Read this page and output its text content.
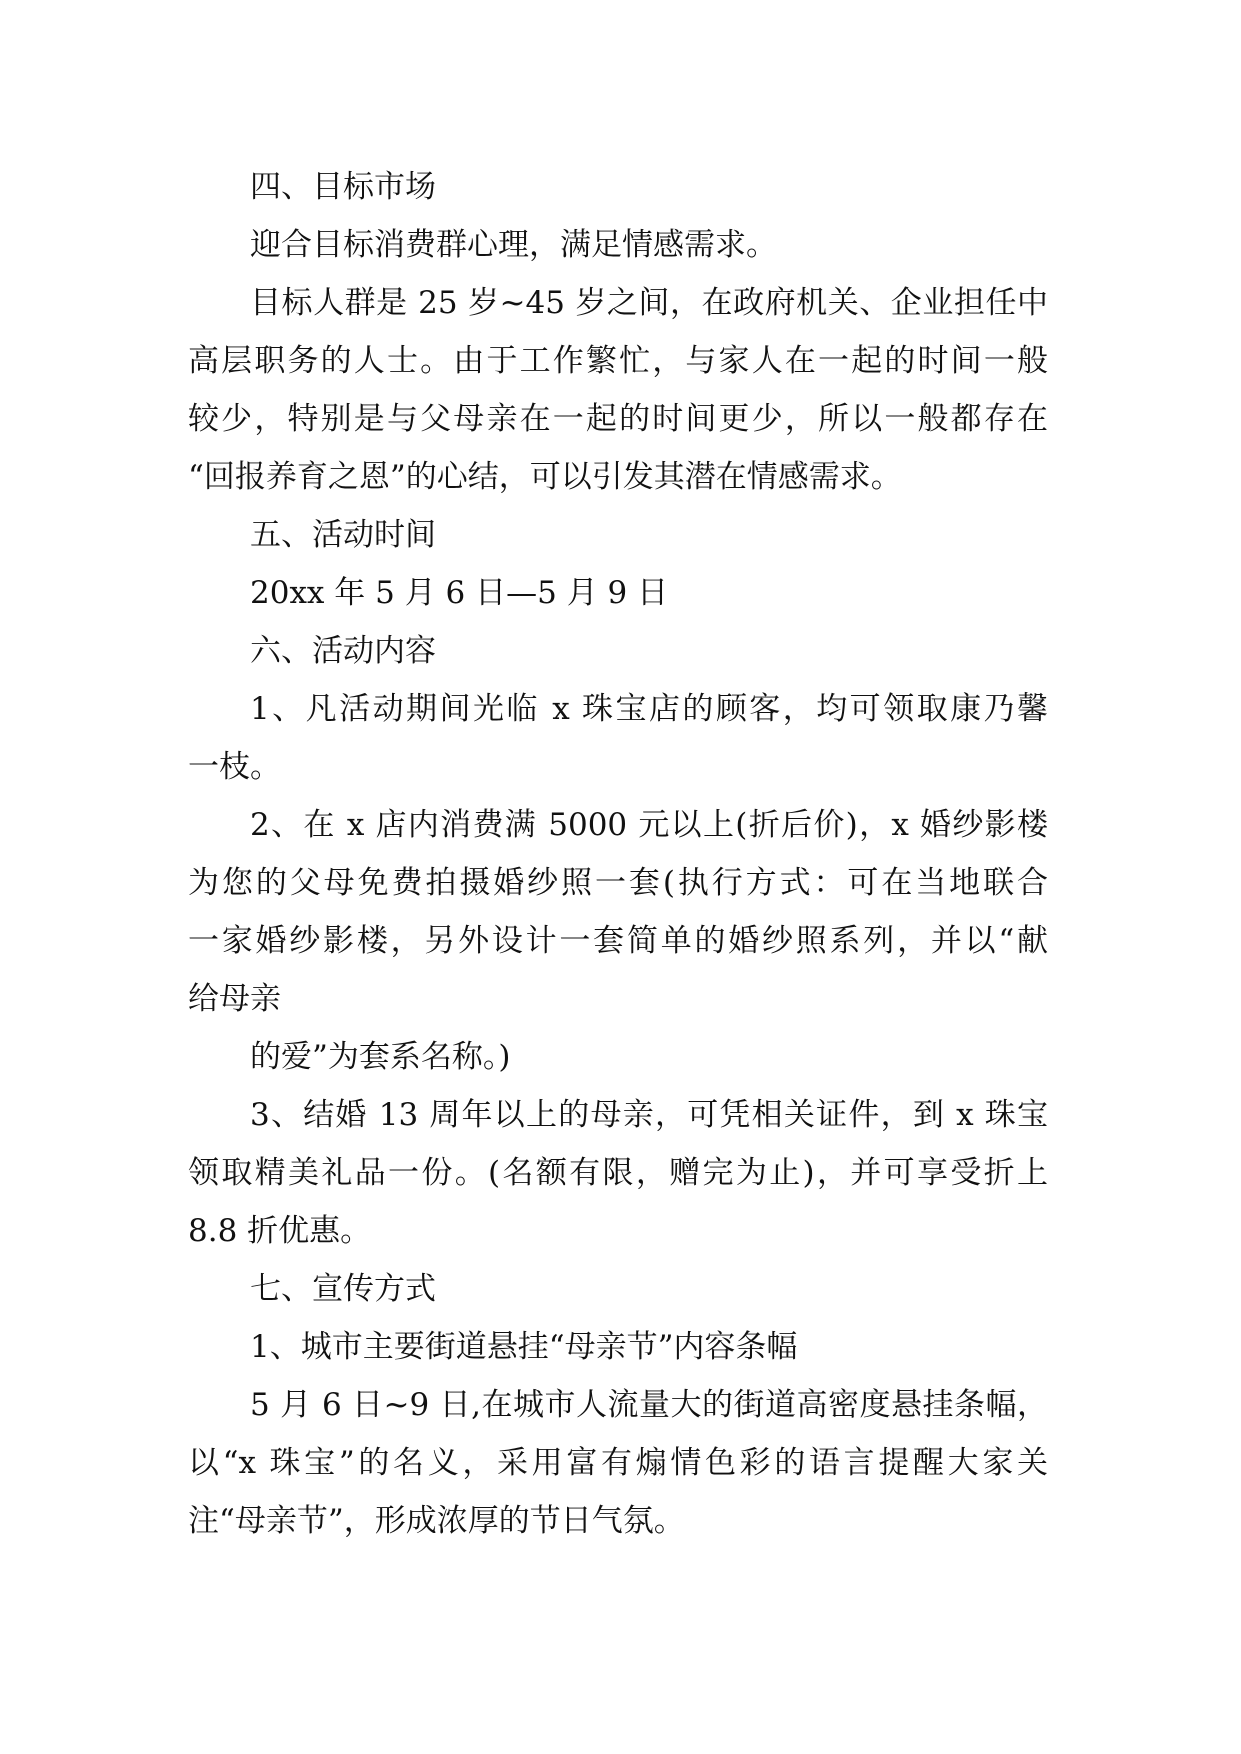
四、目标市场

迎合目标消费群心理，满足情感需求。

目标人群是 25 岁~45 岁之间，在政府机关、企业担任中

高层职务的人士。由于工作繁忙，与家人在一起的时间一般

较少，特别是与父母亲在一起的时间更少，所以一般都存在

“回报养育之恩”的心结，可以引发其潜在情感需求。

五、活动时间

20xx 年 5 月 6 日—5 月 9 日

六、活动内容

1、凡活动期间光临 x 珠宝店的顾客，均可领取康乃馨

一枝。

2、在 x 店内消费满 5000 元以上(折后价)，x 婚纱影楼

为您的父母免费拍摄婚纱照一套(执行方式：可在当地联合

一家婚纱影楼，另外设计一套简单的婚纱照系列，并以“献

给母亲

的爱”为套系名称。)

3、结婚 13 周年以上的母亲，可凭相关证件，到 x 珠宝

领取精美礼品一份。(名额有限，赠完为止)，并可享受折上

8.8 折优惠。

七、宣传方式

1、城市主要街道悬挂“母亲节”内容条幅

5 月 6 日~9 日,在城市人流量大的街道高密度悬挂条幅，

以“x 珠宝”的名义，采用富有煽情色彩的语言提醒大家关

注“母亲节”，形成浓厚的节日气氛。
